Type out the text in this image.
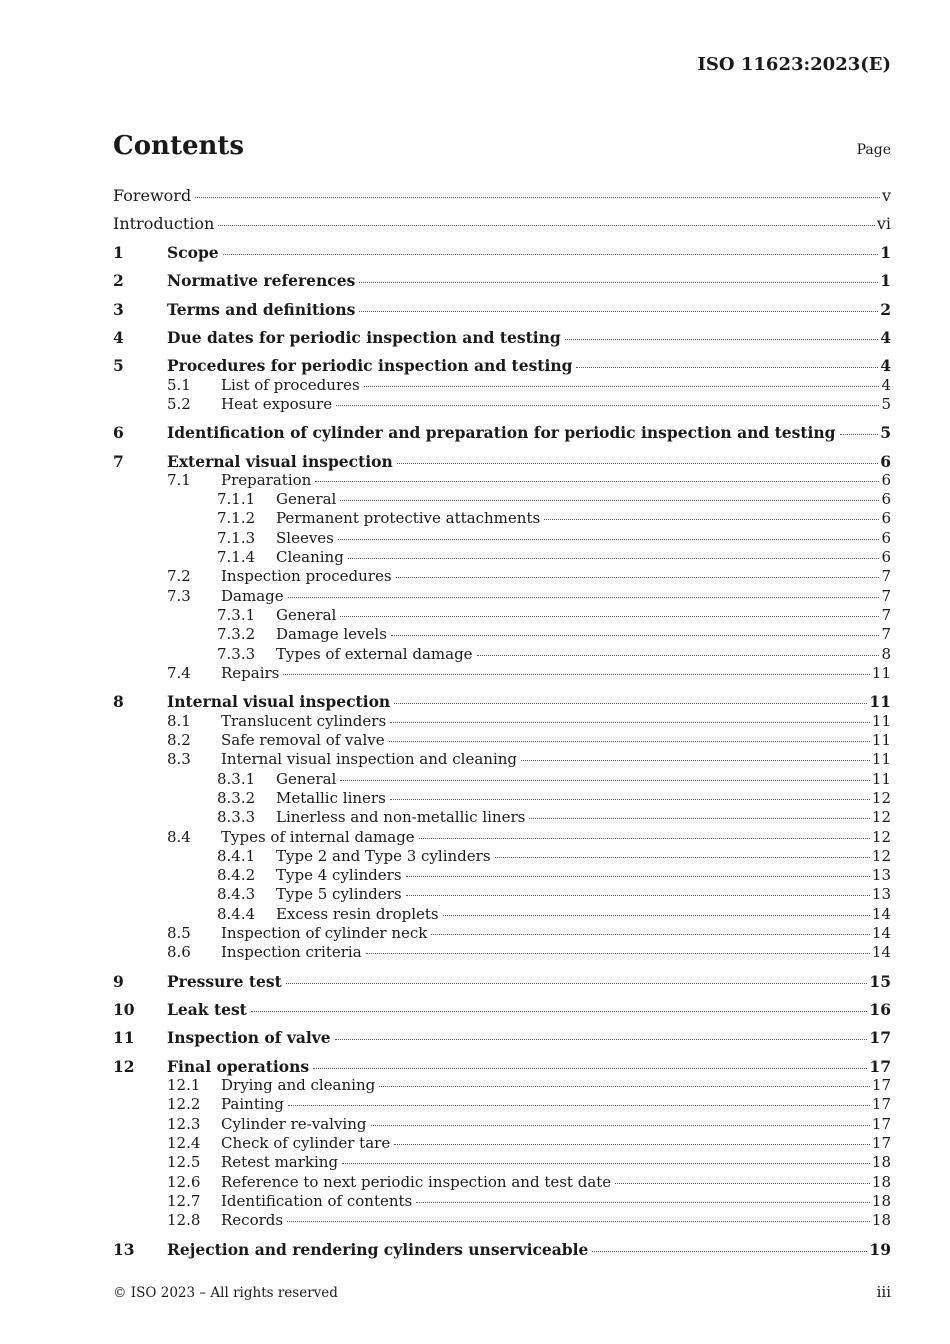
ISO 11623:2023(E)
Contents	Page
Foreword	v
Introduction	vi
1	Scope	1
2	Normative references	1
3	Terms and definitions	2
4	Due dates for periodic inspection and testing	4
5	Procedures for periodic inspection and testing	4
5.1	List of procedures	4
5.2	Heat exposure	5
6	Identification of cylinder and preparation for periodic inspection and testing	5
7	External visual inspection	6
7.1	Preparation	6
7.1.1	General	6
7.1.2	Permanent protective attachments	6
7.1.3	Sleeves	6
7.1.4	Cleaning	6
7.2	Inspection procedures	7
7.3	Damage	7
7.3.1	General	7
7.3.2	Damage levels	7
7.3.3	Types of external damage	8
7.4	Repairs	11
8	Internal visual inspection	11
8.1	Translucent cylinders	11
8.2	Safe removal of valve	11
8.3	Internal visual inspection and cleaning	11
8.3.1	General	11
8.3.2	Metallic liners	12
8.3.3	Linerless and non-metallic liners	12
8.4	Types of internal damage	12
8.4.1	Type 2 and Type 3 cylinders	12
8.4.2	Type 4 cylinders	13
8.4.3	Type 5 cylinders	13
8.4.4	Excess resin droplets	14
8.5	Inspection of cylinder neck	14
8.6	Inspection criteria	14
9	Pressure test	15
10	Leak test	16
11	Inspection of valve	17
12	Final operations	17
12.1	Drying and cleaning	17
12.2	Painting	17
12.3	Cylinder re-valving	17
12.4	Check of cylinder tare	17
12.5	Retest marking	18
12.6	Reference to next periodic inspection and test date	18
12.7	Identification of contents	18
12.8	Records	18
13	Rejection and rendering cylinders unserviceable	19
© ISO 2023 – All rights reserved	iii
